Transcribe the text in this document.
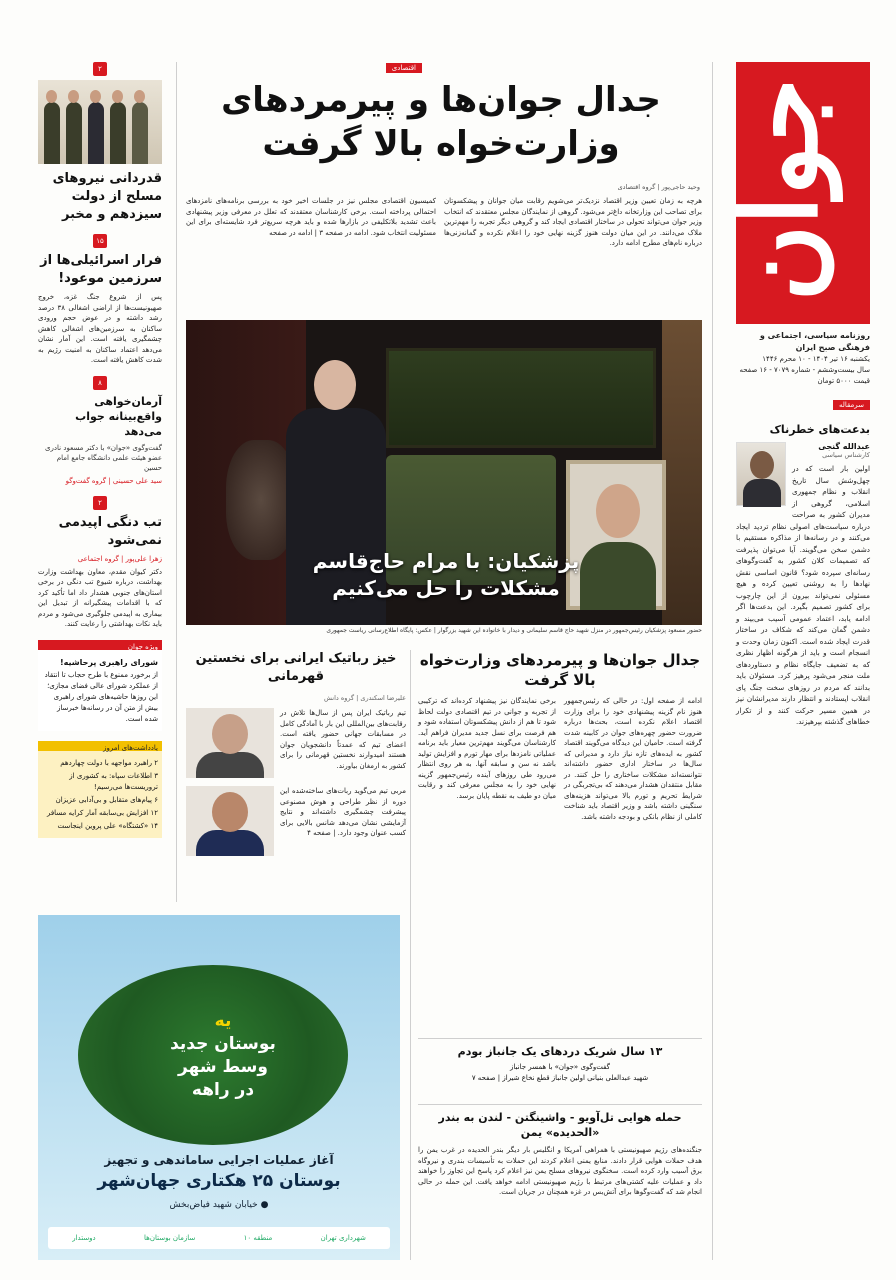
جوان
روزنامه سیاسی، اجتماعی و فرهنگی صبح ایران
یکشنبه ۱۶ تیر ۱۴۰۴ - ۱۰ محرم ۱۴۴۶
سال بیست‌وششم - شماره ۷۰۷۹ - ۱۶ صفحه
قیمت ۵۰۰۰ تومان
سرمقاله
بدعت‌های خطرناک
عبدالله گنجی
کارشناس سیاسی

اولین بار است که در چهل‌وشش سال تاریخ انقلاب و نظام جمهوری اسلامی، گروهی از مدیران کشور به صراحت درباره سیاست‌های اصولی نظام تردید ایجاد می‌کنند و در رسانه‌ها از مذاکره مستقیم با دشمن سخن می‌گویند. آیا می‌توان پذیرفت که تصمیمات کلان کشور به گفت‌وگوهای رسانه‌ای سپرده شود؟ قانون اساسی نقش نهادها را به روشنی تعیین کرده و هیچ مسئولی نمی‌تواند بیرون از این چارچوب برای کشور تصمیم بگیرد. این بدعت‌ها اگر ادامه یابد، اعتماد عمومی آسیب می‌بیند و دشمن گمان می‌کند که شکاف در ساختار قدرت ایجاد شده است. اکنون زمان وحدت و انسجام است و باید از هرگونه اظهار نظری که به تضعیف جایگاه نظام و دستاوردهای ملت منجر می‌شود پرهیز کرد. مسئولان باید بدانند که مردم در روزهای سخت جنگ پای انقلاب ایستادند و انتظار دارند مدیرانشان نیز در همین مسیر حرکت کنند و از تکرار خطاهای گذشته بپرهیزند.

اقتصادی
جدال جوان‌ها و پیرمردهای وزارت‌خواه بالا گرفت
وحید حاجی‌پور | گروه اقتصادی

هرچه به زمان تعیین وزیر اقتصاد نزدیک‌تر می‌شویم رقابت میان جوانان و پیشکسوتان برای تصاحب این وزارتخانه داغ‌تر می‌شود. گروهی از نمایندگان مجلس معتقدند که انتخاب وزیر جوان می‌تواند تحولی در ساختار اقتصادی ایجاد کند و گروهی دیگر تجربه را مهم‌ترین ملاک می‌دانند. در این میان دولت هنوز گزینه نهایی خود را اعلام نکرده و گمانه‌زنی‌ها درباره نام‌های مطرح ادامه دارد.

کمیسیون اقتصادی مجلس نیز در جلسات اخیر خود به بررسی برنامه‌های نامزدهای احتمالی پرداخته است. برخی کارشناسان معتقدند که تعلل در معرفی وزیر پیشنهادی باعث تشدید بلاتکلیفی در بازارها شده و باید هرچه سریع‌تر فرد شایسته‌ای برای این مسئولیت انتخاب شود. ادامه در صفحه ۳ | ادامه در صفحه

پزشکیان: با مرام حاج‌قاسم مشکلات را حل می‌کنیم
حضور مسعود پزشکیان رئیس‌جمهور در منزل شهید حاج قاسم سلیمانی و دیدار با خانواده این شهید بزرگوار | عکس: پایگاه اطلاع‌رسانی ریاست جمهوری
جدال جوان‌ها و پیرمردهای وزارت‌خواه بالا گرفت

ادامه از صفحه اول: در حالی که رئیس‌جمهور هنوز نام گزینه پیشنهادی خود را برای وزارت اقتصاد اعلام نکرده است، بحث‌ها درباره ضرورت حضور چهره‌های جوان در کابینه شدت گرفته است. حامیان این دیدگاه می‌گویند اقتصاد کشور به ایده‌های تازه نیاز دارد و مدیرانی که سال‌ها در ساختار اداری حضور داشته‌اند نتوانسته‌اند مشکلات ساختاری را حل کنند. در مقابل منتقدان هشدار می‌دهند که بی‌تجربگی در شرایط تحریم و تورم بالا می‌تواند هزینه‌های سنگینی داشته باشد و وزیر اقتصاد باید شناخت کاملی از نظام بانکی و بودجه داشته باشد.

برخی نمایندگان نیز پیشنهاد کرده‌اند که ترکیبی از تجربه و جوانی در تیم اقتصادی دولت لحاظ شود تا هم از دانش پیشکسوتان استفاده شود و هم فرصت برای نسل جدید مدیران فراهم آید. کارشناسان می‌گویند مهم‌ترین معیار باید برنامه عملیاتی نامزدها برای مهار تورم و افزایش تولید باشد نه سن و سابقه آنها. به هر روی انتظار می‌رود طی روزهای آینده رئیس‌جمهور گزینه نهایی خود را به مجلس معرفی کند و رقابت میان دو طیف به نقطه پایان برسد.

خیز رباتیک ایرانی برای نخستین قهرمانی
علیرضا اسکندری | گروه دانش

تیم رباتیک ایران پس از سال‌ها تلاش در رقابت‌های بین‌المللی این بار با آمادگی کامل در مسابقات جهانی حضور یافته است. اعضای تیم که عمدتاً دانشجویان جوان هستند امیدوارند نخستین قهرمانی را برای کشور به ارمغان بیاورند.

مربی تیم می‌گوید ربات‌های ساخته‌شده این دوره از نظر طراحی و هوش مصنوعی پیشرفت چشمگیری داشته‌اند و نتایج آزمایشی نشان می‌دهد شانس بالایی برای کسب عنوان وجود دارد. | صفحه ۴

۱۳ سال شریک دردهای یک جانباز بودم

گفت‌وگوی «جوان» با همسر جانباز

شهید عبدالعلی بنیانی اولین جانباز قطع نخاع شیراز | صفحه ۷

حمله هوایی تل‌آویو - واشینگتن - لندن به بندر «الحدیده» یمن

جنگنده‌های رژیم صهیونیستی با همراهی آمریکا و انگلیس بار دیگر بندر الحدیده در غرب یمن را هدف حملات هوایی قرار دادند. منابع یمنی اعلام کردند این حملات به تأسیسات بندری و نیروگاه برق آسیب وارد کرده است. سخنگوی نیروهای مسلح یمن نیز اعلام کرد پاسخ این تجاوز را خواهند داد و عملیات علیه کشتی‌های مرتبط با رژیم صهیونیستی ادامه خواهد یافت. این حمله در حالی انجام شد که گفت‌وگوها برای آتش‌بس در غزه همچنان در جریان است.

یه
بوستان جدید
وسط شهر
در راهه
آغاز عملیات اجرایی ساماندهی و تجهیز
بوستان ۲۵ هکتاری جهان‌شهر
● خیابان شهید فیاض‌بخش
شهرداری تهران
منطقه ۱۰
سازمان بوستان‌ها
دوستدار
۲
قدردانی نیروهای مسلح از دولت سیزدهم و مخبر
۱۵
فرار اسرائیلی‌ها از سرزمین موعود!

پس از شروع جنگ غزه، خروج صهیونیست‌ها از اراضی اشغالی ۳۸ درصد رشد داشته و در عوض حجم ورودی ساکنان به سرزمین‌های اشغالی کاهش چشمگیری یافته است. این آمار نشان می‌دهد اعتماد ساکنان به امنیت رژیم به شدت کاهش یافته است.

۸
آرمان‌خواهی واقع‌بینانه جواب می‌دهد
گفت‌وگوی «جوان» با دکتر مسعود نادری عضو هیئت علمی دانشگاه جامع امام حسین
سید علی حسینی | گروه گفت‌وگو
۲
تب دنگی اپیدمی نمی‌شود
زهرا علی‌پور | گروه اجتماعی

دکتر کیوان مقدم، معاون بهداشت وزارت بهداشت، درباره شیوع تب دنگی در برخی استان‌های جنوبی هشدار داد اما تأکید کرد که با اقدامات پیشگیرانه از تبدیل این بیماری به اپیدمی جلوگیری می‌شود و مردم باید نکات بهداشتی را رعایت کنند.

ویژه جوان
شورای راهبری پرحاشیه!
از برخورد ممنوع با طرح حجاب تا انتقاد از عملکرد شورای عالی فضای مجازی؛ این روزها حاشیه‌های شورای راهبری بیش از متن آن در رسانه‌ها خبرساز شده است.
یادداشت‌های امروز
۲ راهبرد مواجهه با دولت چهاردهم
۳ اطلاعات سپاه: به کشوری از تروریست‌ها می‌رسیم!
۶ پیام‌های متقابل و بی‌آدابی عزیزان
۱۲ افزایش بی‌سابقه آمار کرایه مسافر
۱۴ «کشتگاه» علی پروین اینجاست
